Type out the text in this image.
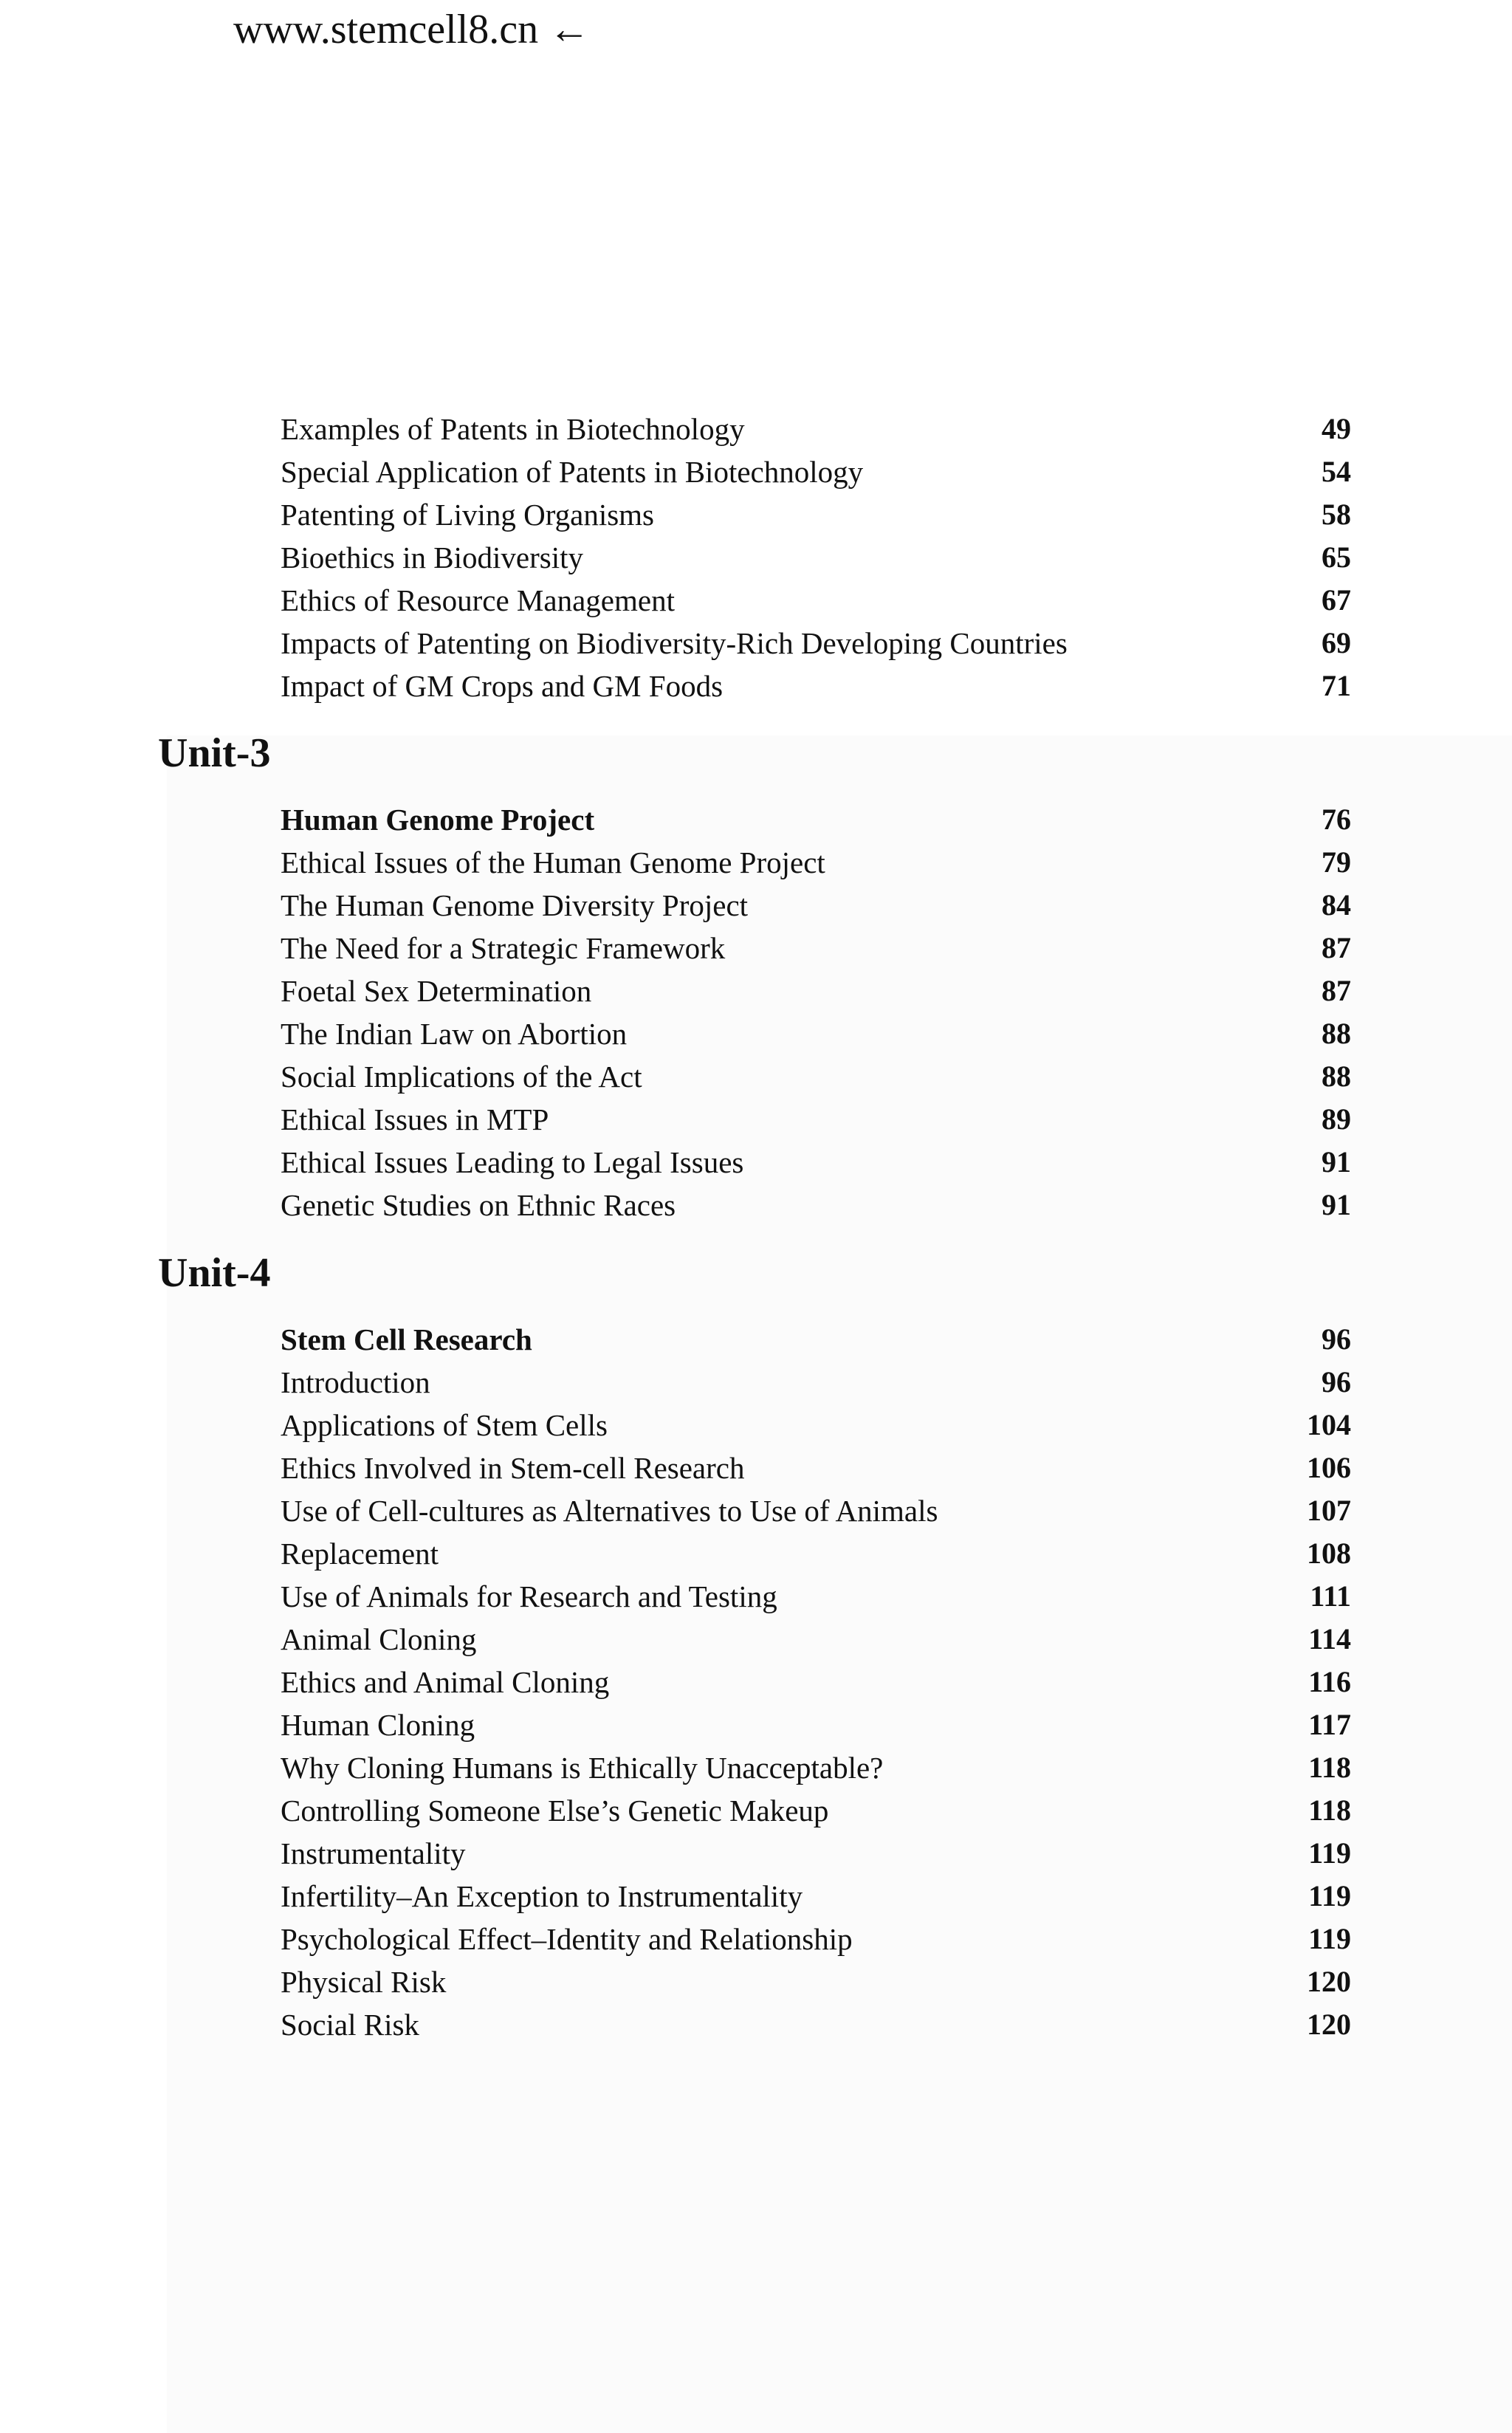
www.stemcell8.cn ←
Examples of Patents in Biotechnology	49
Special Application of Patents in Biotechnology	54
Patenting of Living Organisms	58
Bioethics in Biodiversity	65
Ethics of Resource Management	67
Impacts of Patenting on Biodiversity-Rich Developing Countries	69
Impact of GM Crops and GM Foods	71
Unit-3
Human Genome Project	76
Ethical Issues of the Human Genome Project	79
The Human Genome Diversity Project	84
The Need for a Strategic Framework	87
Foetal Sex Determination	87
The Indian Law on Abortion	88
Social Implications of the Act	88
Ethical Issues in MTP	89
Ethical Issues Leading to Legal Issues	91
Genetic Studies on Ethnic Races	91
Unit-4
Stem Cell Research	96
Introduction	96
Applications of Stem Cells	104
Ethics Involved in Stem-cell Research	106
Use of Cell-cultures as Alternatives to Use of Animals	107
Replacement	108
Use of Animals for Research and Testing	111
Animal Cloning	114
Ethics and Animal Cloning	116
Human Cloning	117
Why Cloning Humans is Ethically Unacceptable?	118
Controlling Someone Else’s Genetic Makeup	118
Instrumentality	119
Infertility–An Exception to Instrumentality	119
Psychological Effect–Identity and Relationship	119
Physical Risk	120
Social Risk	120
